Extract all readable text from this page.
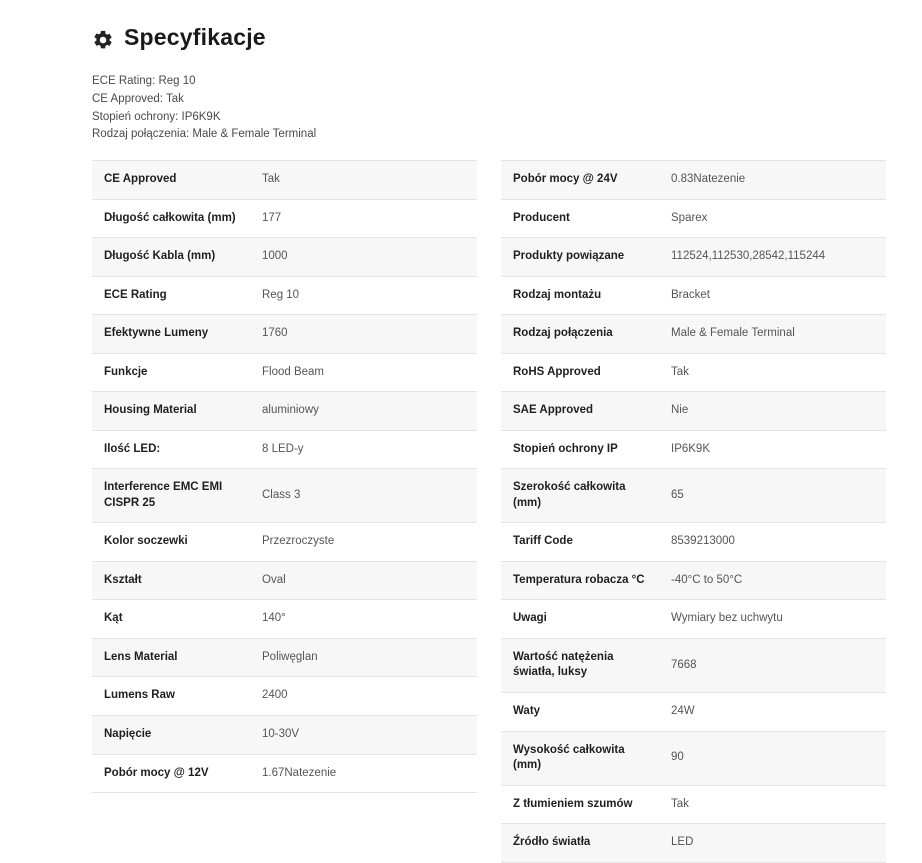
Specyfikacje
ECE Rating: Reg 10
CE Approved: Tak
Stopień ochrony: IP6K9K
Rodzaj połączenia: Male & Female Terminal
CE Approved	Tak
Długość całkowita (mm)	177
Długość Kabla (mm)	1000
ECE Rating	Reg 10
Efektywne Lumeny	1760
Funkcje	Flood Beam
Housing Material	aluminiowy
Ilość LED:	8 LED-y
Interference EMC EMI CISPR 25	Class 3
Kolor soczewki	Przezroczyste
Kształt	Oval
Kąt	140°
Lens Material	Poliwęglan
Lumens Raw	2400
Napięcie	10-30V
Pobór mocy @ 12V	1.67Natezenie
Pobór mocy @ 24V	0.83Natezenie
Producent	Sparex
Produkty powiązane	112524,112530,28542,115244
Rodzaj montażu	Bracket
Rodzaj połączenia	Male & Female Terminal
RoHS Approved	Tak
SAE Approved	Nie
Stopień ochrony IP	IP6K9K
Szerokość całkowita (mm)	65
Tariff Code	8539213000
Temperatura robacza °C	-40°C to 50°C
Uwagi	Wymiary bez uchwytu
Wartość natężenia światła, luksy	7668
Waty	24W
Wysokość całkowita (mm)	90
Z tłumieniem szumów	Tak
Źródło światła	LED
